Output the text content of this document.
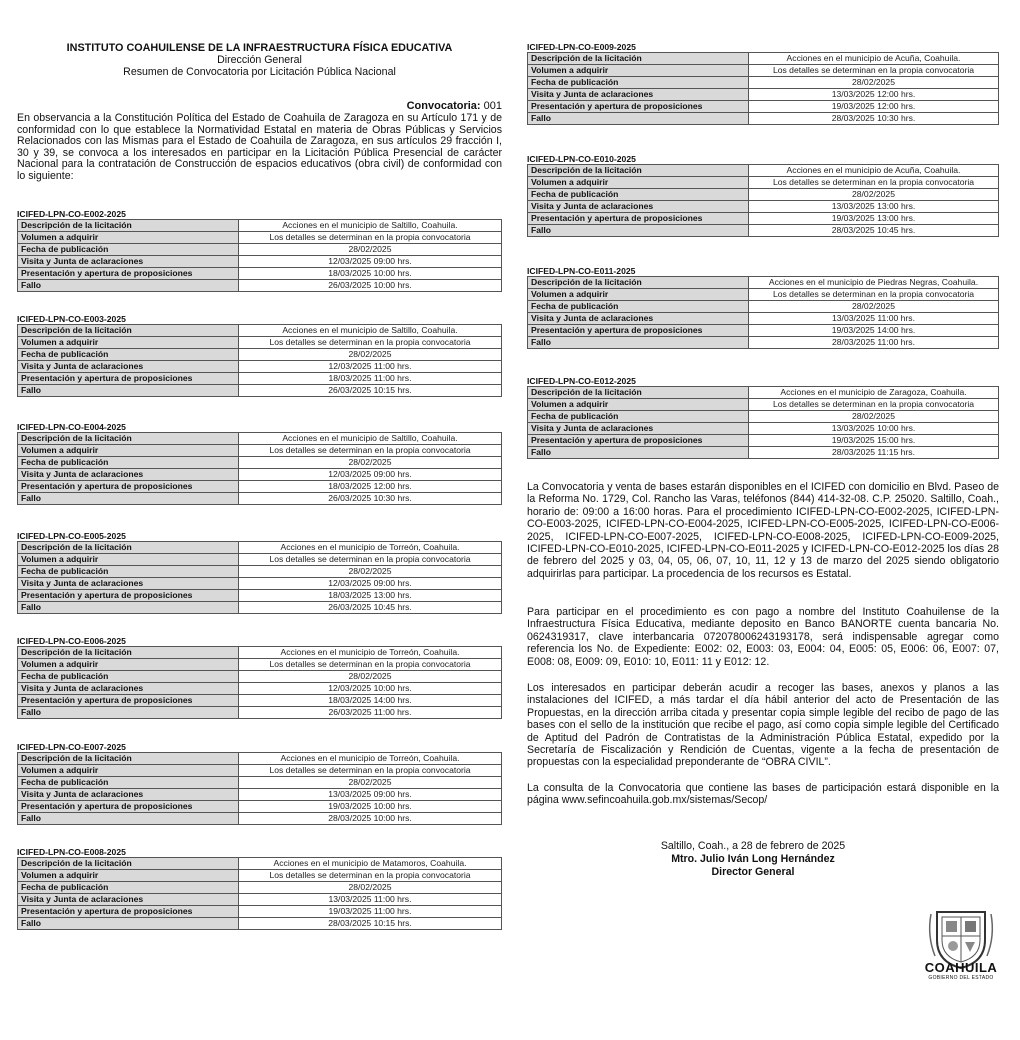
INSTITUTO COAHUILENSE DE LA INFRAESTRUCTURA FÍSICA EDUCATIVA
Dirección General
Resumen de Convocatoria por Licitación Pública Nacional
Convocatoria: 001
En observancia a la Constitución Política del Estado de Coahuila de Zaragoza en su Artículo 171 y de conformidad con lo que establece la Normatividad Estatal en materia de Obras Públicas y Servicios Relacionados con las Mismas para el Estado de Coahuila de Zaragoza, en sus artículos 29 fracción I, 30 y 39, se convoca a los interesados en participar en la Licitación Pública Presencial de carácter Nacional para la contratación de Construcción de espacios educativos (obra civil) de conformidad con lo siguiente:
ICIFED-LPN-CO-E002-2025
Descripción de la licitación	Acciones en el municipio de Saltillo, Coahuila.
Volumen a adquirir	Los detalles se determinan en la propia convocatoria
Fecha de publicación	28/02/2025
Visita y Junta de aclaraciones	12/03/2025 09:00 hrs.
Presentación y apertura de proposiciones	18/03/2025 10:00 hrs.
Fallo	26/03/2025 10:00 hrs.
ICIFED-LPN-CO-E003-2025
Descripción de la licitación	Acciones en el municipio de Saltillo, Coahuila.
Volumen a adquirir	Los detalles se determinan en la propia convocatoria
Fecha de publicación	28/02/2025
Visita y Junta de aclaraciones	12/03/2025 11:00 hrs.
Presentación y apertura de proposiciones	18/03/2025 11:00 hrs.
Fallo	26/03/2025 10:15 hrs.
ICIFED-LPN-CO-E004-2025
Descripción de la licitación	Acciones en el municipio de Saltillo, Coahuila.
Volumen a adquirir	Los detalles se determinan en la propia convocatoria
Fecha de publicación	28/02/2025
Visita y Junta de aclaraciones	12/03/2025 09:00 hrs.
Presentación y apertura de proposiciones	18/03/2025 12:00 hrs.
Fallo	26/03/2025 10:30 hrs.
ICIFED-LPN-CO-E005-2025
Descripción de la licitación	Acciones en el municipio de Torreón, Coahuila.
Volumen a adquirir	Los detalles se determinan en la propia convocatoria
Fecha de publicación	28/02/2025
Visita y Junta de aclaraciones	12/03/2025 09:00 hrs.
Presentación y apertura de proposiciones	18/03/2025 13:00 hrs.
Fallo	26/03/2025 10:45 hrs.
ICIFED-LPN-CO-E006-2025
Descripción de la licitación	Acciones en el municipio de Torreón, Coahuila.
Volumen a adquirir	Los detalles se determinan en la propia convocatoria
Fecha de publicación	28/02/2025
Visita y Junta de aclaraciones	12/03/2025 10:00 hrs.
Presentación y apertura de proposiciones	18/03/2025 14:00 hrs.
Fallo	26/03/2025 11:00 hrs.
ICIFED-LPN-CO-E007-2025
Descripción de la licitación	Acciones en el municipio de Torreón, Coahuila.
Volumen a adquirir	Los detalles se determinan en la propia convocatoria
Fecha de publicación	28/02/2025
Visita y Junta de aclaraciones	13/03/2025 09:00 hrs.
Presentación y apertura de proposiciones	19/03/2025 10:00 hrs.
Fallo	28/03/2025 10:00 hrs.
ICIFED-LPN-CO-E008-2025
Descripción de la licitación	Acciones en el municipio de Matamoros, Coahuila.
Volumen a adquirir	Los detalles se determinan en la propia convocatoria
Fecha de publicación	28/02/2025
Visita y Junta de aclaraciones	13/03/2025 11:00 hrs.
Presentación y apertura de proposiciones	19/03/2025 11:00 hrs.
Fallo	28/03/2025 10:15 hrs.
ICIFED-LPN-CO-E009-2025
Descripción de la licitación	Acciones en el municipio de Acuña, Coahuila.
Volumen a adquirir	Los detalles se determinan en la propia convocatoria
Fecha de publicación	28/02/2025
Visita y Junta de aclaraciones	13/03/2025 12:00 hrs.
Presentación y apertura de proposiciones	19/03/2025 12:00 hrs.
Fallo	28/03/2025 10:30 hrs.
ICIFED-LPN-CO-E010-2025
Descripción de la licitación	Acciones en el municipio de Acuña, Coahuila.
Volumen a adquirir	Los detalles se determinan en la propia convocatoria
Fecha de publicación	28/02/2025
Visita y Junta de aclaraciones	13/03/2025 13:00 hrs.
Presentación y apertura de proposiciones	19/03/2025 13:00 hrs.
Fallo	28/03/2025 10:45 hrs.
ICIFED-LPN-CO-E011-2025
Descripción de la licitación	Acciones en el municipio de Piedras Negras, Coahuila.
Volumen a adquirir	Los detalles se determinan en la propia convocatoria
Fecha de publicación	28/02/2025
Visita y Junta de aclaraciones	13/03/2025 11:00 hrs.
Presentación y apertura de proposiciones	19/03/2025 14:00 hrs.
Fallo	28/03/2025 11:00 hrs.
ICIFED-LPN-CO-E012-2025
Descripción de la licitación	Acciones en el municipio de Zaragoza, Coahuila.
Volumen a adquirir	Los detalles se determinan en la propia convocatoria
Fecha de publicación	28/02/2025
Visita y Junta de aclaraciones	13/03/2025 10:00 hrs.
Presentación y apertura de proposiciones	19/03/2025 15:00 hrs.
Fallo	28/03/2025 11:15 hrs.
La Convocatoria y venta de bases estarán disponibles en el ICIFED con domicilio en Blvd. Paseo de la Reforma No. 1729, Col. Rancho las Varas, teléfonos (844) 414-32-08. C.P. 25020. Saltillo, Coah., horario de: 09:00 a 16:00 horas. Para el procedimiento ICIFED-LPN-CO-E002-2025, ICIFED-LPN-CO-E003-2025, ICIFED-LPN-CO-E004-2025, ICIFED-LPN-CO-E005-2025, ICIFED-LPN-CO-E006-2025, ICIFED-LPN-CO-E007-2025, ICIFED-LPN-CO-E008-2025, ICIFED-LPN-CO-E009-2025, ICIFED-LPN-CO-E010-2025, ICIFED-LPN-CO-E011-2025 y ICIFED-LPN-CO-E012-2025 los días 28 de febrero del 2025 y 03, 04, 05, 06, 07, 10, 11, 12 y 13 de marzo del 2025 siendo obligatorio adquirirlas para participar. La procedencia de los recursos es Estatal.
Para participar en el procedimiento es con pago a nombre del Instituto Coahuilense de la Infraestructura Física Educativa, mediante deposito en Banco BANORTE cuenta bancaria No. 0624319317, clave interbancaria 072078006243193178, será indispensable agregar como referencia los No. de Expediente: E002: 02, E003: 03, E004: 04, E005: 05, E006: 06, E007: 07, E008: 08, E009: 09, E010: 10, E011: 11 y E012: 12.
Los interesados en participar deberán acudir a recoger las bases, anexos y planos a las instalaciones del ICIFED, a más tardar el día hábil anterior del acto de Presentación de las Propuestas, en la dirección arriba citada y presentar copia simple legible del recibo de pago de las bases con el sello de la institución que recibe el pago, así como copia simple legible del Certificado de Aptitud del Padrón de Contratistas de la Administración Pública Estatal, expedido por la Secretaría de Fiscalización y Rendición de Cuentas, vigente a la fecha de presentación de propuestas con la especialidad preponderante de “OBRA CIVIL”.
La consulta de la Convocatoria que contiene las bases de participación estará disponible en la página www.sefincoahuila.gob.mx/sistemas/Secop/
Saltillo, Coah., a 28 de febrero de 2025
Mtro. Julio Iván Long Hernández
Director General
COAHUILA
GOBIERNO DEL ESTADO
